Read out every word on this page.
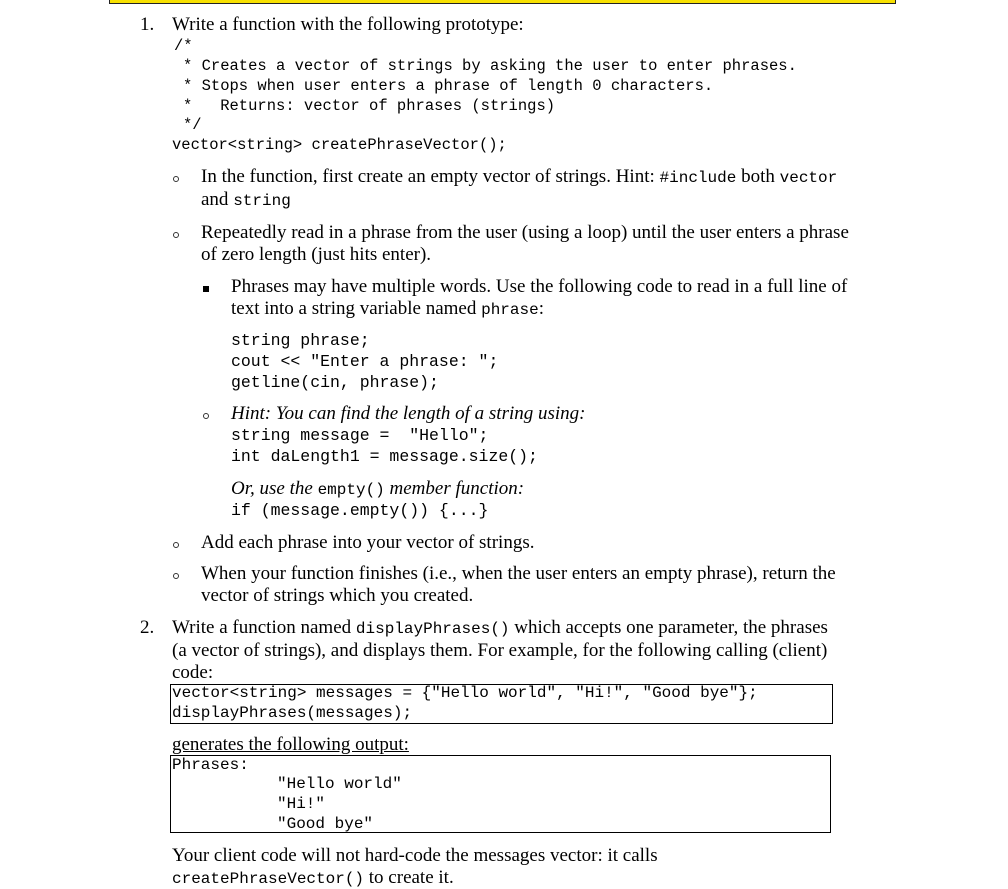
1. Write a function with the following prototype:
/*
* Creates a vector of strings by asking the user to enter phrases.
* Stops when user enters a phrase of length 0 characters.
*   Returns: vector of phrases (strings)
*/
vector<string> createPhraseVector();
In the function, first create an empty vector of strings. Hint: #include both vector
and string
Repeatedly read in a phrase from the user (using a loop) until the user enters a phrase
of zero length (just hits enter).
Phrases may have multiple words. Use the following code to read in a full line of
text into a string variable named phrase:
string phrase;
cout << "Enter a phrase: ";
getline(cin, phrase);
Hint: You can find the length of a string using:
string message =  "Hello";
int daLength1 = message.size();
Or, use the empty() member function:
if (message.empty()) {...}
Add each phrase into your vector of strings.
When your function finishes (i.e., when the user enters an empty phrase), return the
vector of strings which you created.
2. Write a function named displayPhrases() which accepts one parameter, the phrases
(a vector of strings), and displays them. For example, for the following calling (client)
code:
vector<string> messages = {"Hello world", "Hi!", "Good bye"};
displayPhrases(messages);
generates the following output:
Phrases:
"Hello world"
"Hi!"
"Good bye"
Your client code will not hard-code the messages vector: it calls
createPhraseVector() to create it.
